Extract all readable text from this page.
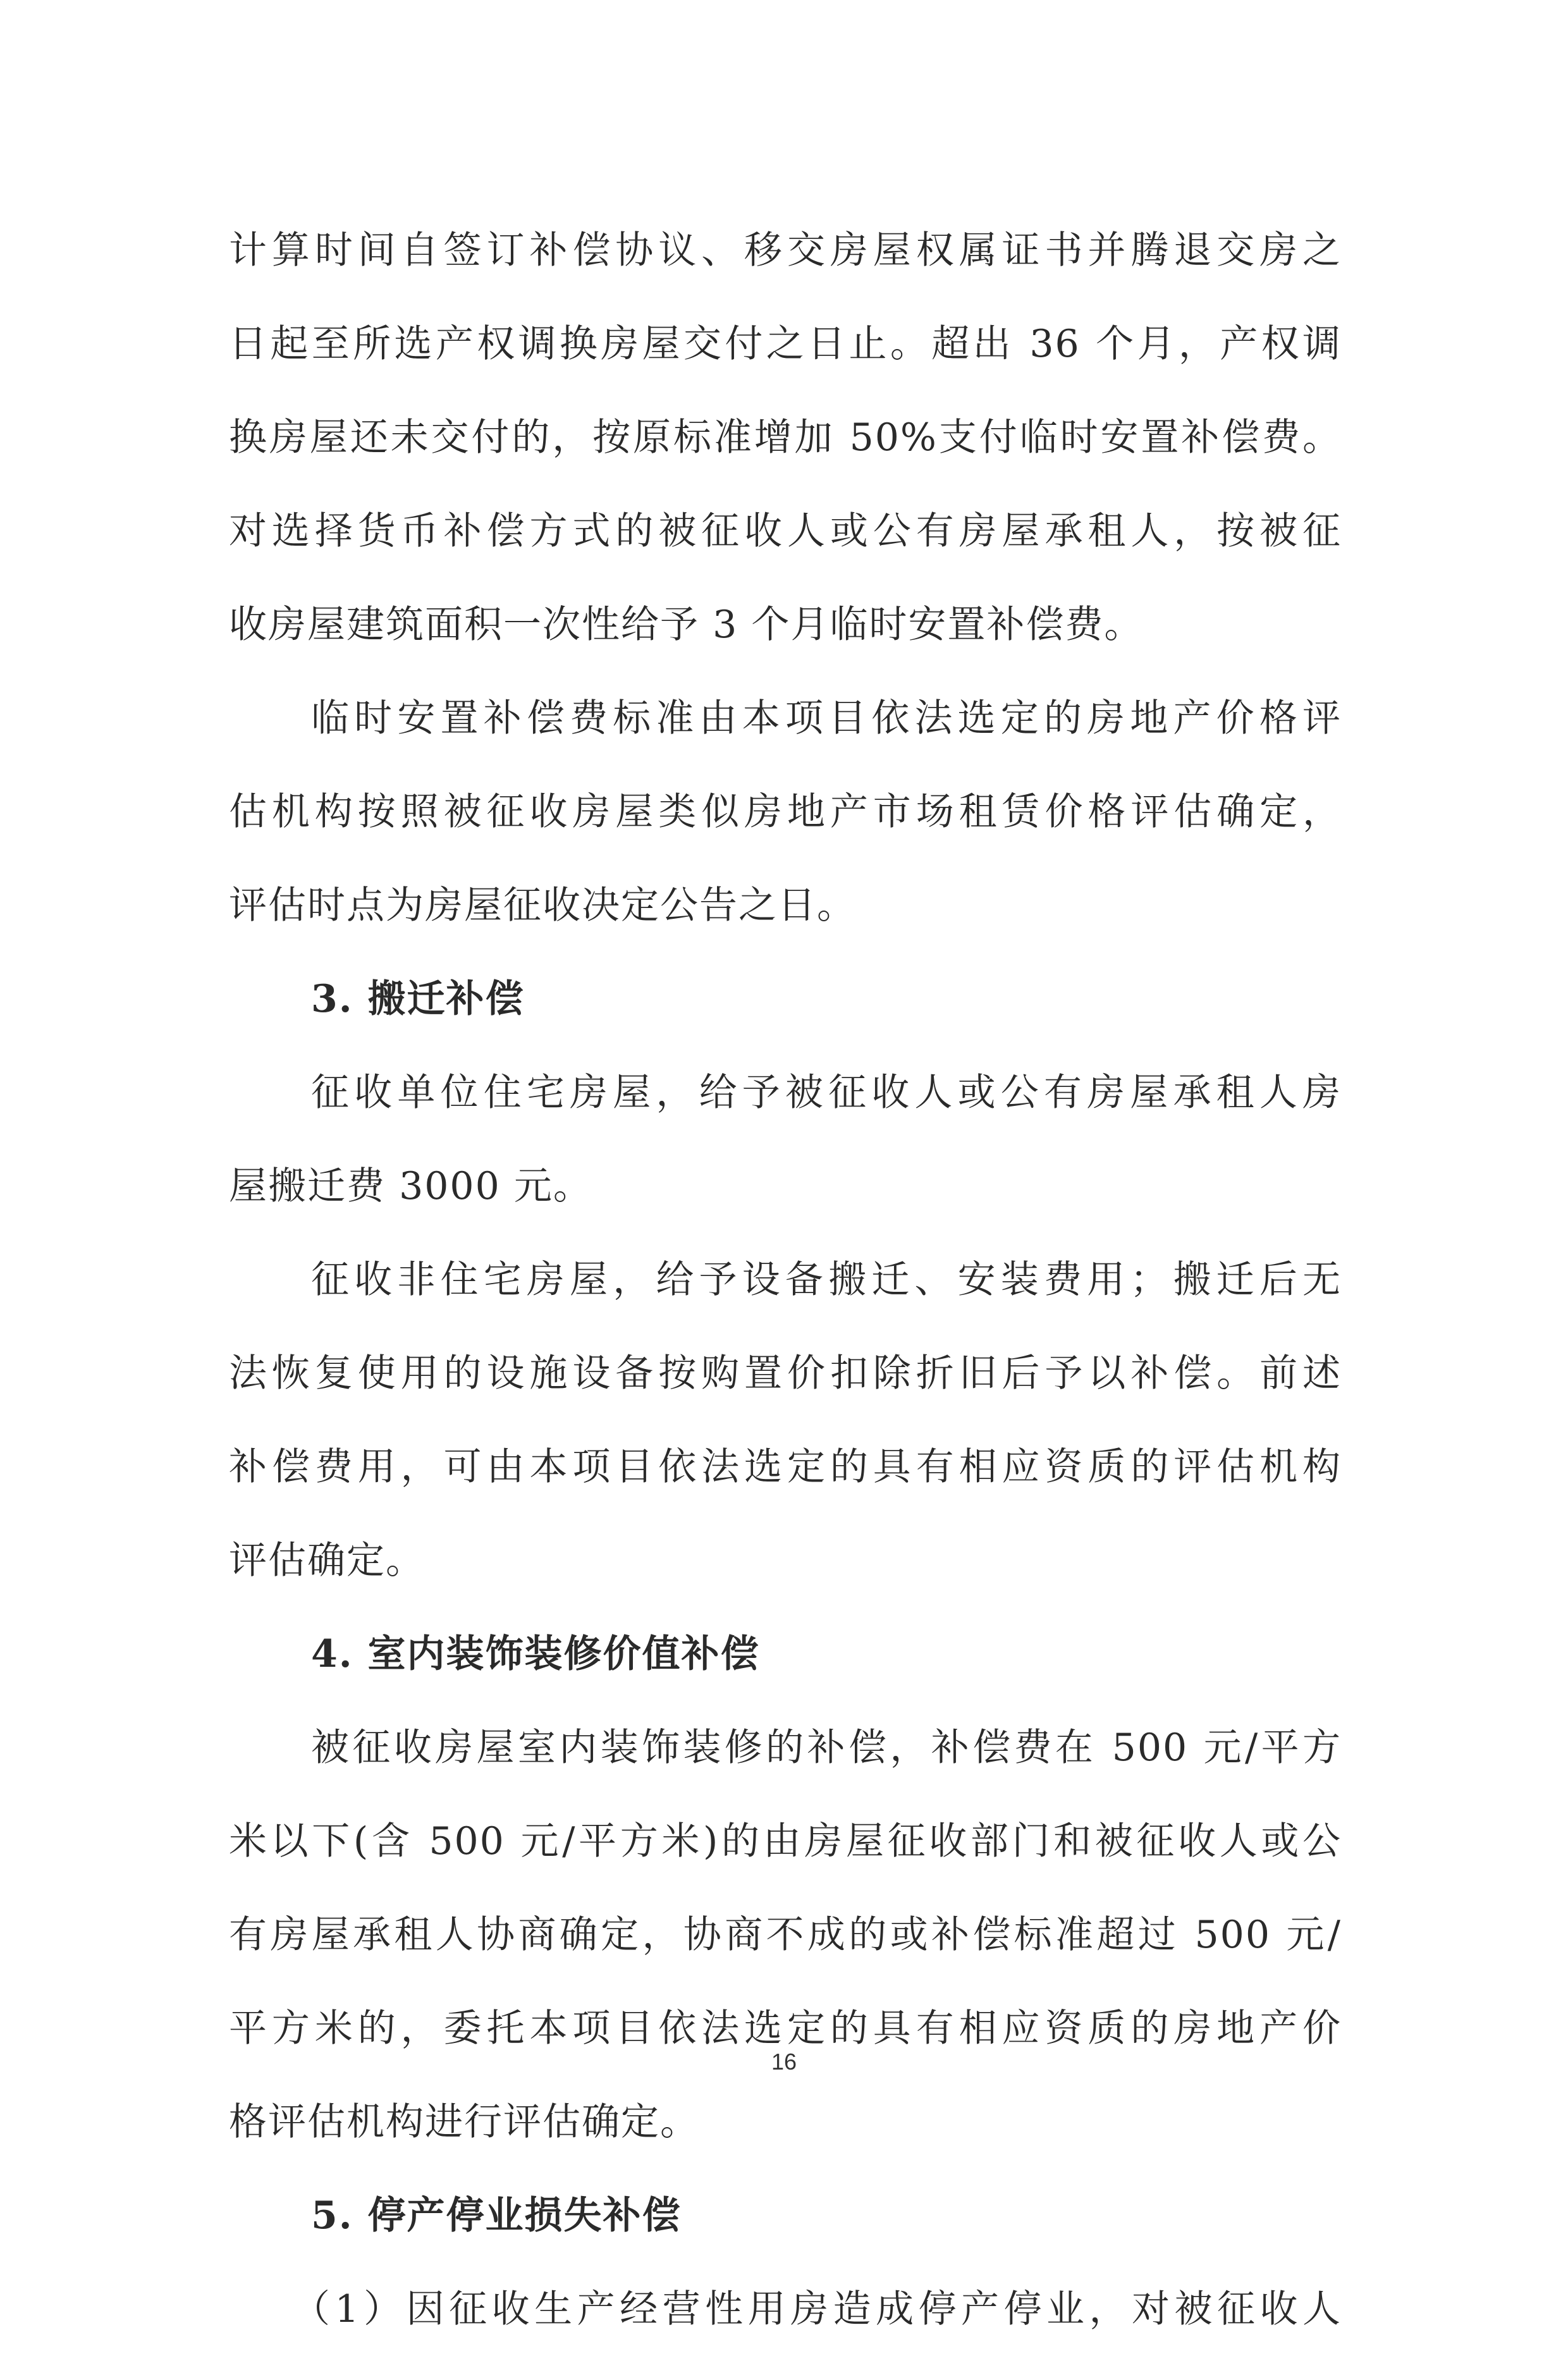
计算时间自签订补偿协议、移交房屋权属证书并腾退交房之
日起至所选产权调换房屋交付之日止。超出 36 个月，产权调
换房屋还未交付的，按原标准增加 50%支付临时安置补偿费。
对选择货币补偿方式的被征收人或公有房屋承租人，按被征
收房屋建筑面积一次性给予 3 个月临时安置补偿费。
临时安置补偿费标准由本项目依法选定的房地产价格评
估机构按照被征收房屋类似房地产市场租赁价格评估确定，
评估时点为房屋征收决定公告之日。
3. 搬迁补偿
征收单位住宅房屋，给予被征收人或公有房屋承租人房
屋搬迁费 3000 元。
征收非住宅房屋，给予设备搬迁、安装费用；搬迁后无
法恢复使用的设施设备按购置价扣除折旧后予以补偿。前述
补偿费用，可由本项目依法选定的具有相应资质的评估机构
评估确定。
4. 室内装饰装修价值补偿
被征收房屋室内装饰装修的补偿，补偿费在 500 元/平方
米以下(含 500 元/平方米)的由房屋征收部门和被征收人或公
有房屋承租人协商确定，协商不成的或补偿标准超过 500 元/
平方米的，委托本项目依法选定的具有相应资质的房地产价
格评估机构进行评估确定。
5. 停产停业损失补偿
（1）因征收生产经营性用房造成停产停业，对被征收人
16
